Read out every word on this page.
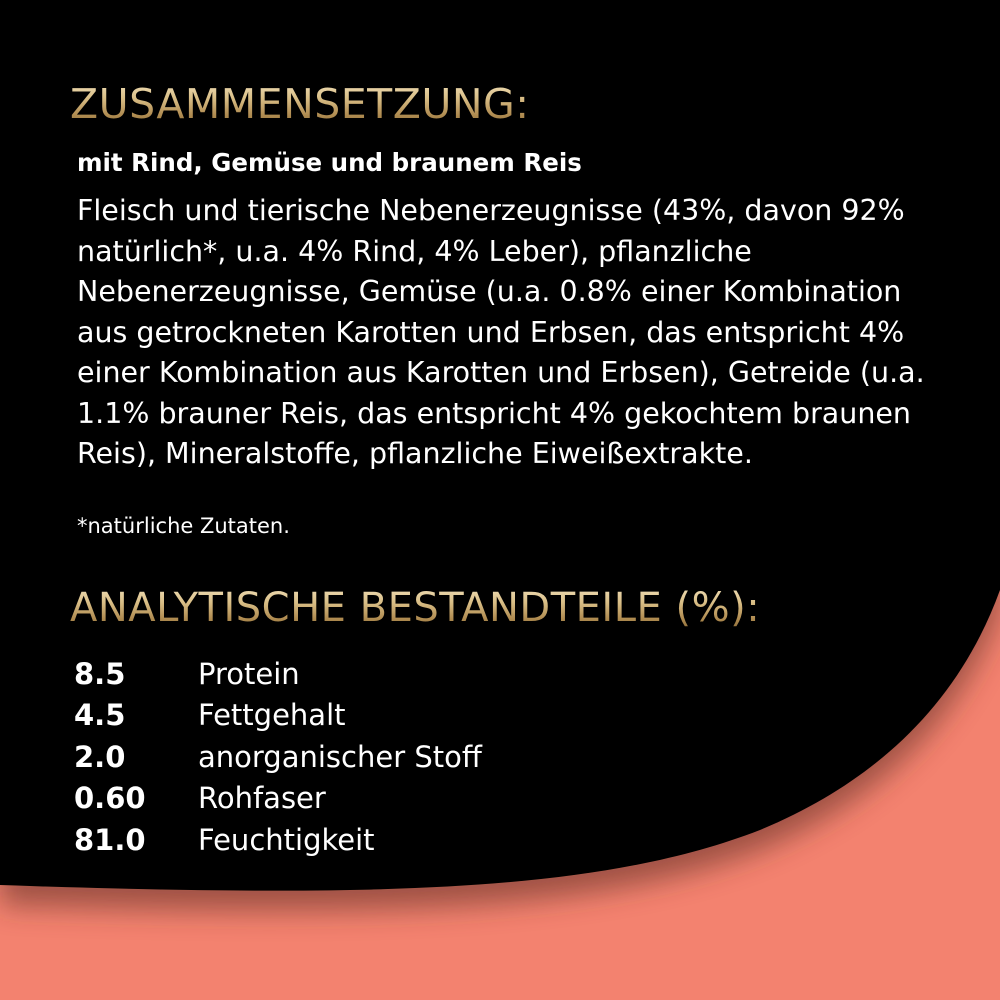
ZUSAMMENSETZUNG:
mit Rind, Gemüse und braunem Reis

Fleisch und tierische Nebenerzeugnisse (43%, davon 92% natürlich*, u.a. 4% Rind, 4% Leber), pflanzliche Nebenerzeugnisse, Gemüse (u.a. 0.8% einer Kombination aus getrockneten Karotten und Erbsen, das entspricht 4% einer Kombination aus Karotten und Erbsen), Getreide (u.a. 1.1% brauner Reis, das entspricht 4% gekochtem braunen Reis), Mineralstoffe, pflanzliche Eiweißextrakte.

*natürliche Zutaten.
ANALYTISCHE BESTANDTEILE (%):
8.5	Protein
4.5	Fettgehalt
2.0	anorganischer Stoff
0.60	Rohfaser
81.0	Feuchtigkeit
